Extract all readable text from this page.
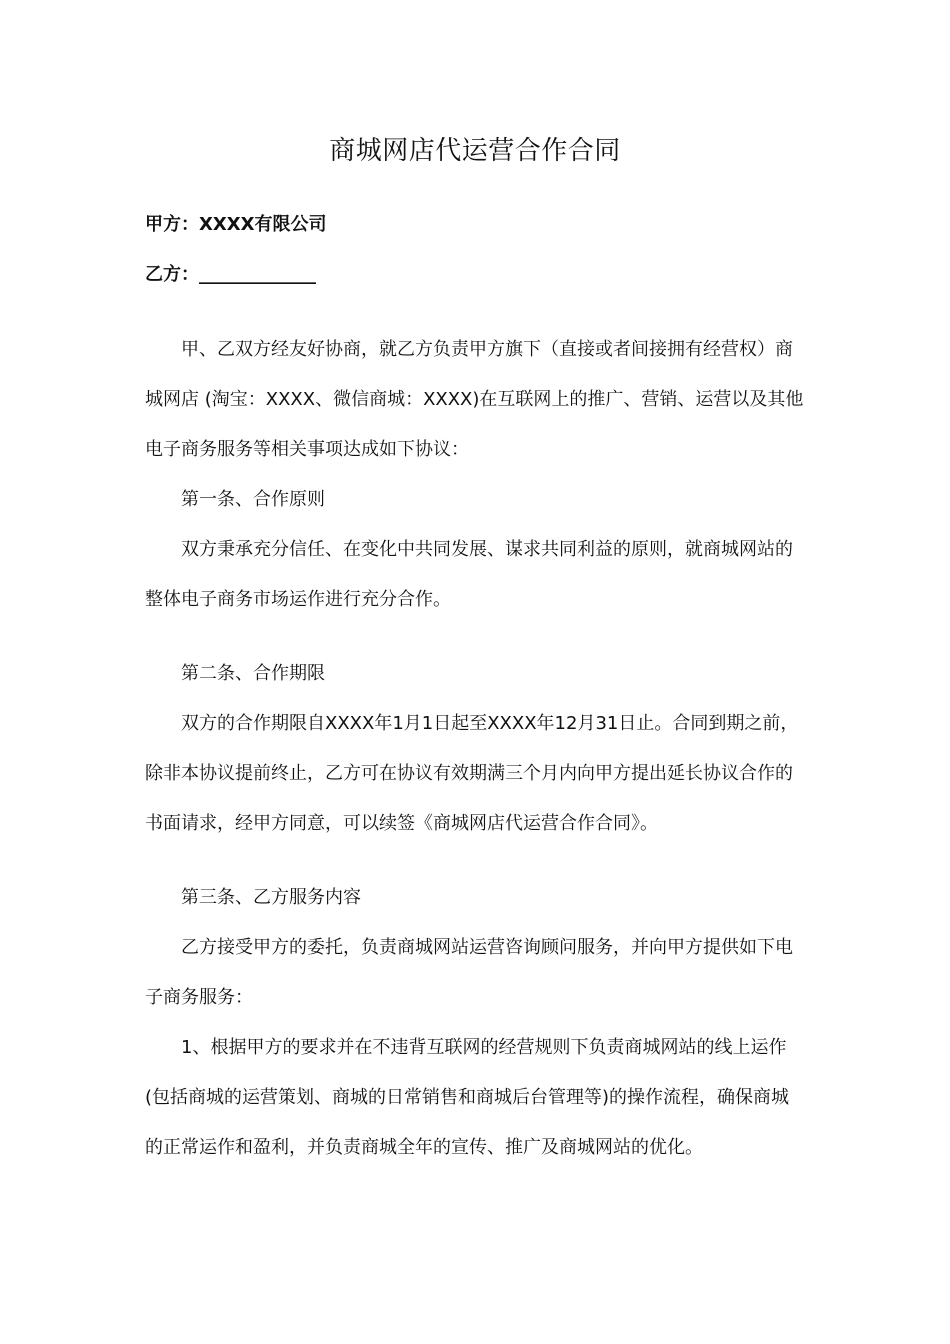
商城网店代运营合作合同
甲方：XXXX有限公司
乙方：_____________

甲、乙双方经友好协商，就乙方负责甲方旗下（直接或者间接拥有经营权）商城网店 (淘宝：XXXX、微信商城：XXXX)在互联网上的推广、营销、运营以及其他电子商务服务等相关事项达成如下协议：

第一条、合作原则

双方秉承充分信任、在变化中共同发展、谋求共同利益的原则，就商城网站的整体电子商务市场运作进行充分合作。

第二条、合作期限

双方的合作期限自XXXX年1月1日起至XXXX年12月31日止。合同到期之前，除非本协议提前终止，乙方可在协议有效期满三个月内向甲方提出延长协议合作的书面请求，经甲方同意，可以续签《商城网店代运营合作合同》。

第三条、乙方服务内容

乙方接受甲方的委托，负责商城网站运营咨询顾问服务，并向甲方提供如下电子商务服务：

1、根据甲方的要求并在不违背互联网的经营规则下负责商城网站的线上运作 (包括商城的运营策划、商城的日常销售和商城后台管理等)的操作流程，确保商城的正常运作和盈利，并负责商城全年的宣传、推广及商城网站的优化。
